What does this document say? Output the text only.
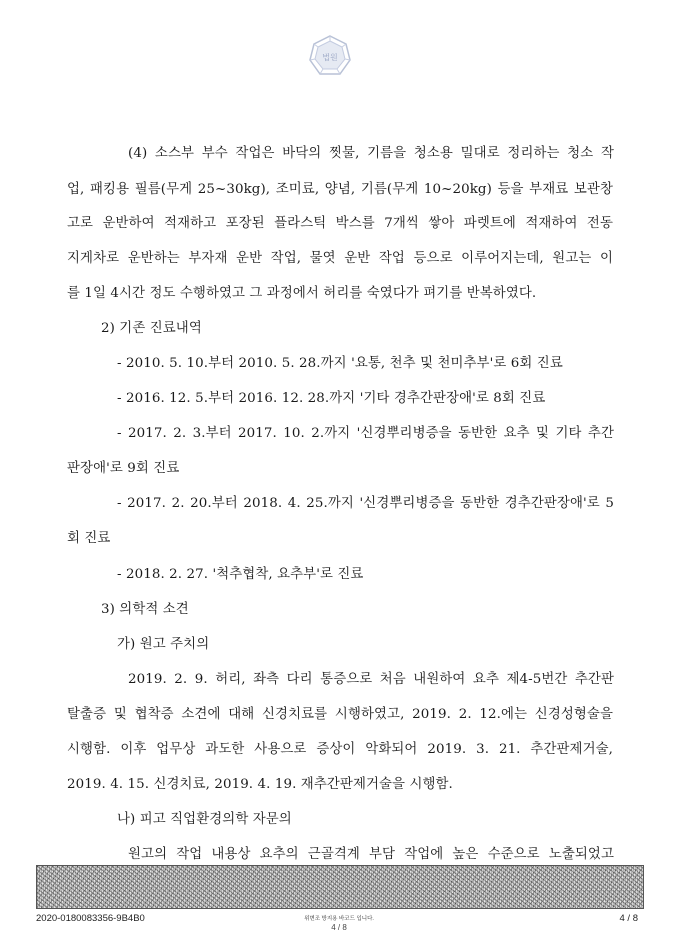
법원
(4) 소스부 부수 작업은 바닥의 찟물, 기름을 청소용 밀대로 정리하는 청소 작
업, 패킹용 필름(무게 25~30kg), 조미료, 양념, 기름(무게 10~20kg) 등을 부재료 보관창
고로 운반하여 적재하고 포장된 플라스틱 박스를 7개씩 쌓아 파렛트에 적재하여 전동
지게차로 운반하는 부자재 운반 작업, 물엿 운반 작업 등으로 이루어지는데, 원고는 이
를 1일 4시간 정도 수행하였고 그 과정에서 허리를 숙였다가 펴기를 반복하였다.
2) 기존 진료내역
- 2010. 5. 10.부터 2010. 5. 28.까지 '요통, 천추 및 천미추부'로 6회 진료
- 2016. 12. 5.부터 2016. 12. 28.까지 '기타 경추간판장애'로 8회 진료
- 2017. 2. 3.부터 2017. 10. 2.까지 '신경뿌리병증을 동반한 요추 및 기타 추간
판장애'로 9회 진료
- 2017. 2. 20.부터 2018. 4. 25.까지 '신경뿌리병증을 동반한 경추간판장애'로 5
회 진료
- 2018. 2. 27. '척추협착, 요추부'로 진료
3) 의학적 소견
가) 원고 주치의
2019. 2. 9. 허리, 좌측 다리 통증으로 처음 내원하여 요추 제4-5번간 추간판
탈출증 및 협착증 소견에 대해 신경치료를 시행하였고, 2019. 2. 12.에는 신경성형술을
시행함. 이후 업무상 과도한 사용으로 증상이 악화되어 2019. 3. 21. 추간판제거술,
2019. 4. 15. 신경치료, 2019. 4. 19. 재추간판제거술을 시행함.
나) 피고 직업환경의학 자문의
원고의 작업 내용상 요추의 근골격계 부담 작업에 높은 수준으로 노출되었고
2020-0180083356-9B4B0	위변조 방지용 바코드 입니다.	4 / 8
4 / 8
